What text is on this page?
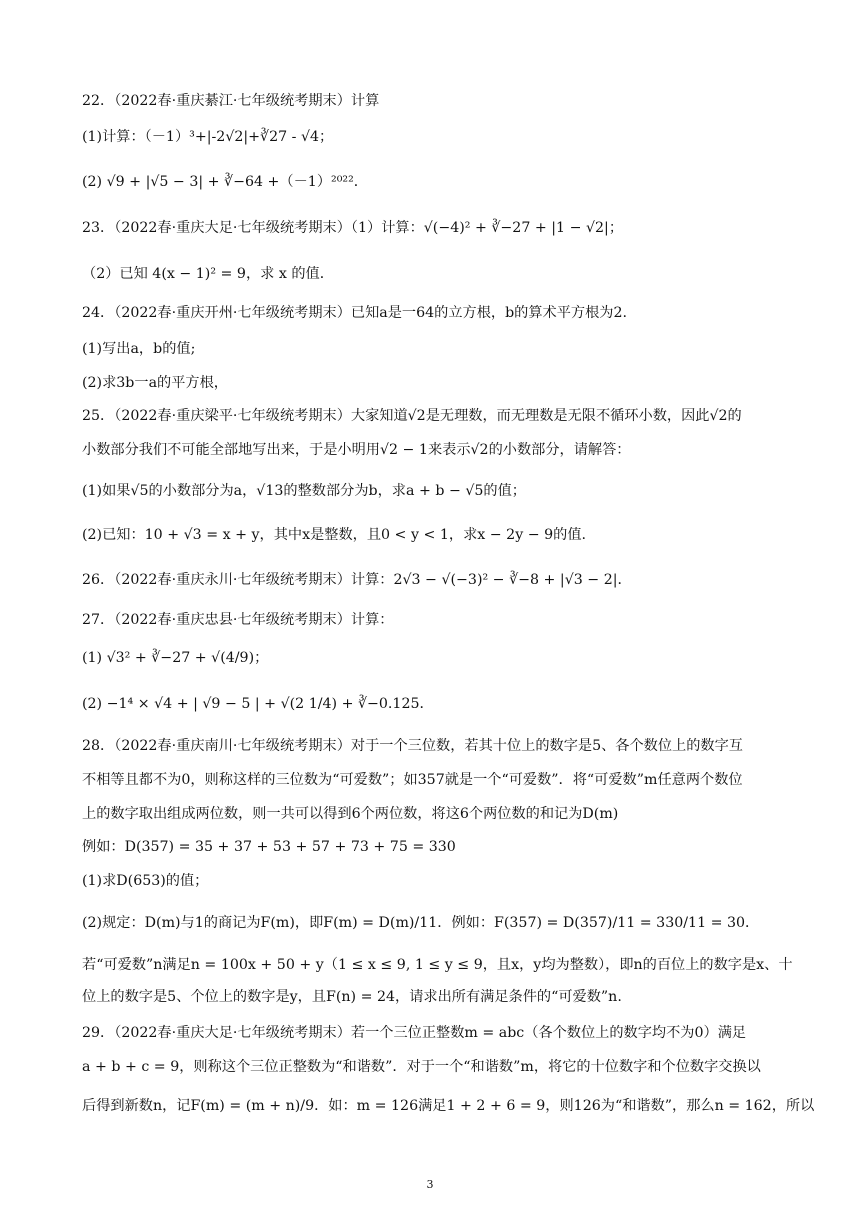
22．（2022春·重庆綦江·七年级统考期末）计算
(1)计算：（－1）³+|-2√2|+∛27 - √4；
(2) √9 + |√5 − 3| + ∛−64 +（－1）²⁰²²．
23．（2022春·重庆大足·七年级统考期末）（1）计算：√(−4)² + ∛−27 + |1 − √2|；
（2）已知 4(x − 1)² = 9，求 x 的值．
24．（2022春·重庆开州·七年级统考期末）已知a是一64的立方根，b的算术平方根为2.
(1)写出a，b的值;
(2)求3b一a的平方根，
25．（2022春·重庆梁平·七年级统考期末）大家知道√2是无理数，而无理数是无限不循环小数，因此√2的
小数部分我们不可能全部地写出来，于是小明用√2 − 1来表示√2的小数部分，请解答：
(1)如果√5的小数部分为a，√13的整数部分为b，求a + b − √5的值；
(2)已知：10 + √3 = x + y，其中x是整数，且0 < y < 1，求x − 2y − 9的值.
26．（2022春·重庆永川·七年级统考期末）计算：2√3 − √(−3)² − ∛−8 + |√3 − 2|．
27．（2022春·重庆忠县·七年级统考期末）计算：
(1) √3² + ∛−27 + √(4/9)；
(2) −1⁴ × √4 + | √9 − 5 | + √(2 1/4) + ∛−0.125．
28．（2022春·重庆南川·七年级统考期末）对于一个三位数，若其十位上的数字是5、各个数位上的数字互
不相等且都不为0，则称这样的三位数为“可爱数”；如357就是一个“可爱数”．将“可爱数”m任意两个数位
上的数字取出组成两位数，则一共可以得到6个两位数，将这6个两位数的和记为D(m)
例如：D(357) = 35 + 37 + 53 + 57 + 73 + 75 = 330
(1)求D(653)的值；
(2)规定：D(m)与1的商记为F(m)，即F(m) = D(m)/11．例如：F(357) = D(357)/11 = 330/11 = 30．
若“可爱数”n满足n = 100x + 50 + y（1 ≤ x ≤ 9, 1 ≤ y ≤ 9，且x，y均为整数），即n的百位上的数字是x、十
位上的数字是5、个位上的数字是y，且F(n) = 24，请求出所有满足条件的“可爱数”n.
29．（2022春·重庆大足·七年级统考期末）若一个三位正整数m = abc（各个数位上的数字均不为0）满足
a + b + c = 9，则称这个三位正整数为“和谐数”．对于一个“和谐数”m，将它的十位数字和个位数字交换以
后得到新数n，记F(m) = (m + n)/9．如：m = 126满足1 + 2 + 6 = 9，则126为“和谐数”，那么n = 162，所以
3
